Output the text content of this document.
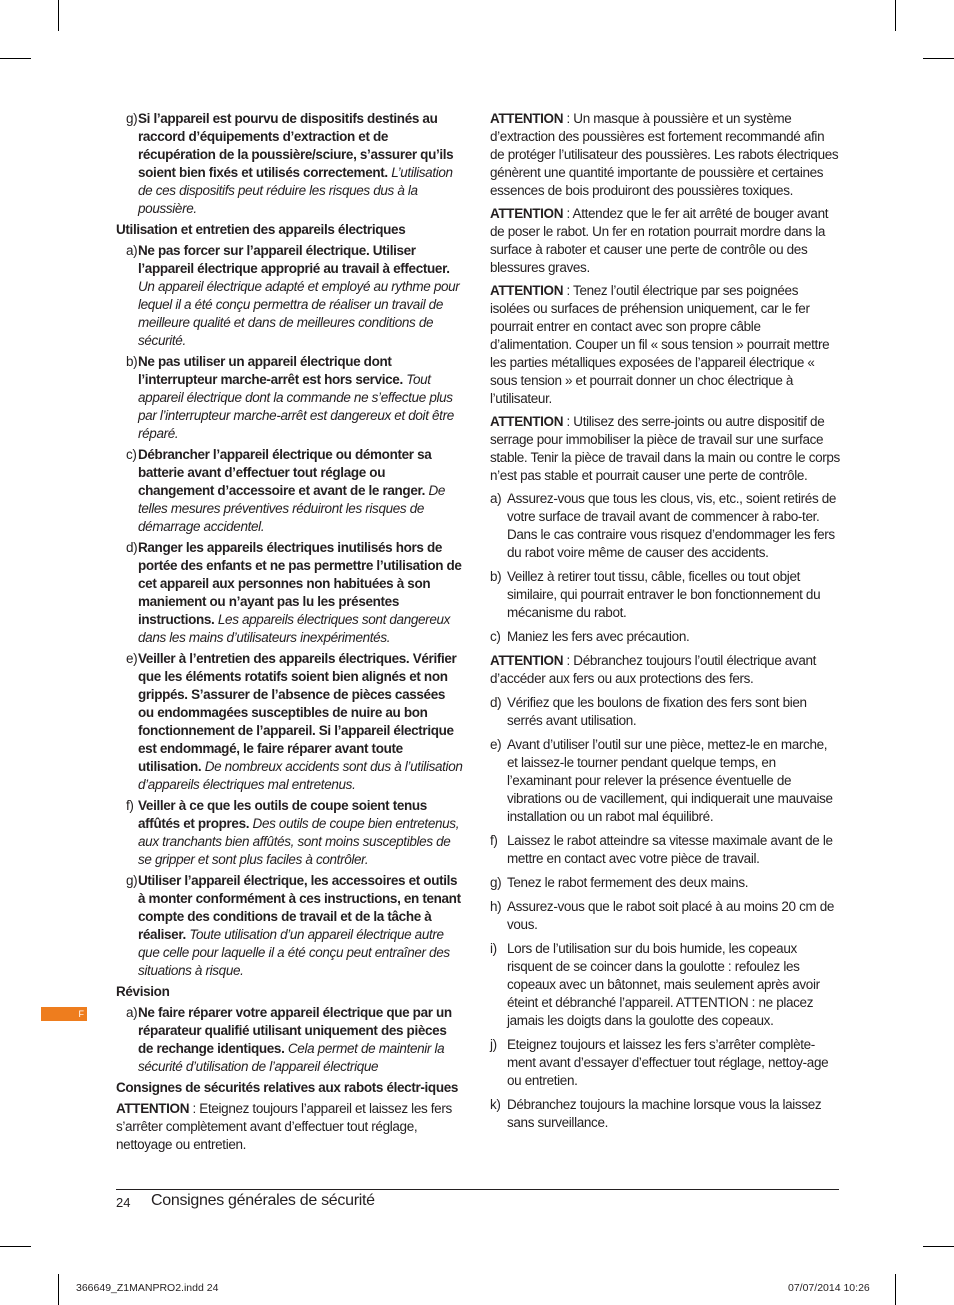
g) Si l’appareil est pourvu de dispositifs destinés au raccord d’équipements d’extraction et de récupération de la poussière/sciure, s’assurer qu’ils soient bien fixés et utilisés correctement. L’utilisation de ces dispositifs peut réduire les risques dus à la poussière.

Utilisation et entretien des appareils électriques

a) Ne pas forcer sur l’appareil électrique. Utiliser l’appareil électrique approprié au travail à effectuer. Un appareil électrique adapté et employé au rythme pour lequel il a été conçu permettra de réaliser un travail de meilleure qualité et dans de meilleures conditions de sécurité.
b) Ne pas utiliser un appareil électrique dont l’interrupteur marche-arrêt est hors service. Tout appareil électrique dont la commande ne s’effectue plus par l’interrupteur marche-arrêt est dangereux et doit être réparé.
c) Débrancher l’appareil électrique ou démonter sa batterie avant d’effectuer tout réglage ou changement d’accessoire et avant de le ranger. De telles mesures préventives réduiront les risques de démarrage accidentel.
d) Ranger les appareils électriques inutilisés hors de portée des enfants et ne pas permettre l’utilisation de cet appareil aux personnes non habituées à son maniement ou n’ayant pas lu les présentes instructions. Les appareils électriques sont dangereux dans les mains d’utilisateurs inexpérimentés.
e) Veiller à l’entretien des appareils électriques. Vérifier que les éléments rotatifs soient bien alignés et non grippés. S’assurer de l’absence de pièces cassées ou endommagées susceptibles de nuire au bon fonctionnement de l’appareil. Si l’appareil électrique est endommagé, le faire réparer avant toute utilisation. De nombreux accidents sont dus à l’utilisation d’appareils électriques mal entretenus.
f) Veiller à ce que les outils de coupe soient tenus affûtés et propres. Des outils de coupe bien entretenus, aux tranchants bien affûtés, sont moins susceptibles de se gripper et sont plus faciles à contrôler.
g) Utiliser l’appareil électrique, les accessoires et outils à monter conformément à ces instructions, en tenant compte des conditions de travail et de la tâche à réaliser. Toute utilisation d’un appareil électrique autre que celle pour laquelle il a été conçu peut entraîner des situations à risque.

Révision

a) Ne faire réparer votre appareil électrique que par un réparateur qualifié utilisant uniquement des pièces de rechange identiques. Cela permet de maintenir la sécurité d’utilisation de l’appareil électrique

Consignes de sécurités relatives aux rabots électr-iques

ATTENTION : Eteignez toujours l’appareil et laissez les fers s’arrêter complètement avant d’effectuer tout réglage, nettoyage ou entretien.

ATTENTION : Un masque à poussière et un système d’extraction des poussières est fortement recommandé afin de protéger l’utilisateur des poussières. Les rabots électriques génèrent une quantité importante de poussière et certaines essences de bois produiront des poussières toxiques.

ATTENTION : Attendez que le fer ait arrêté de bouger avant de poser le rabot. Un fer en rotation pourrait mordre dans la surface à raboter et causer une perte de contrôle ou des blessures graves.

ATTENTION : Tenez l’outil électrique par ses poignées isolées ou surfaces de préhension uniquement, car le fer pourrait entrer en contact avec son propre câble d’alimentation. Couper un fil « sous tension » pourrait mettre les parties métalliques exposées de l’appareil électrique « sous tension » et pourrait donner un choc électrique à l’utilisateur.

ATTENTION : Utilisez des serre-joints ou autre dispositif de serrage pour immobiliser la pièce de travail sur une surface stable. Tenir la pièce de travail dans la main ou contre le corps n’est pas stable et pourrait causer une perte de contrôle.

a) Assurez-vous que tous les clous, vis, etc., soient retirés de votre surface de travail avant de commencer à rabo-ter. Dans le cas contraire vous risquez d’endommager les fers du rabot voire même de causer des accidents.
b) Veillez à retirer tout tissu, câble, ficelles ou tout objet similaire, qui pourrait entraver le bon fonctionnement du mécanisme du rabot.
c) Maniez les fers avec précaution.

ATTENTION : Débranchez toujours l’outil électrique avant d’accéder aux fers ou aux protections des fers.

d) Vérifiez que les boulons de fixation des fers sont bien serrés avant utilisation.
e) Avant d’utiliser l’outil sur une pièce, mettez-le en marche, et laissez-le tourner pendant quelque temps, en l’examinant pour relever la présence éventuelle de vibrations ou de vacillement, qui indiquerait une mauvaise installation ou un rabot mal équilibré.
f) Laissez le rabot atteindre sa vitesse maximale avant de le mettre en contact avec votre pièce de travail.
g) Tenez le rabot fermement des deux mains.
h) Assurez-vous que le rabot soit placé à au moins 20 cm de vous.
i) Lors de l’utilisation sur du bois humide, les copeaux risquent de se coincer dans la goulotte : refoulez les copeaux avec un bâtonnet, mais seulement après avoir éteint et débranché l’appareil. ATTENTION : ne placez jamais les doigts dans la goulotte des copeaux.
j) Eteignez toujours et laissez les fers s’arrêter complète-ment avant d’essayer d’effectuer tout réglage, nettoy-age ou entretien.
k) Débranchez toujours la machine lorsque vous la laissez sans surveillance.
F
24 Consignes générales de sécurité
366649_Z1MANPRO2.indd 24	07/07/2014 10:26
